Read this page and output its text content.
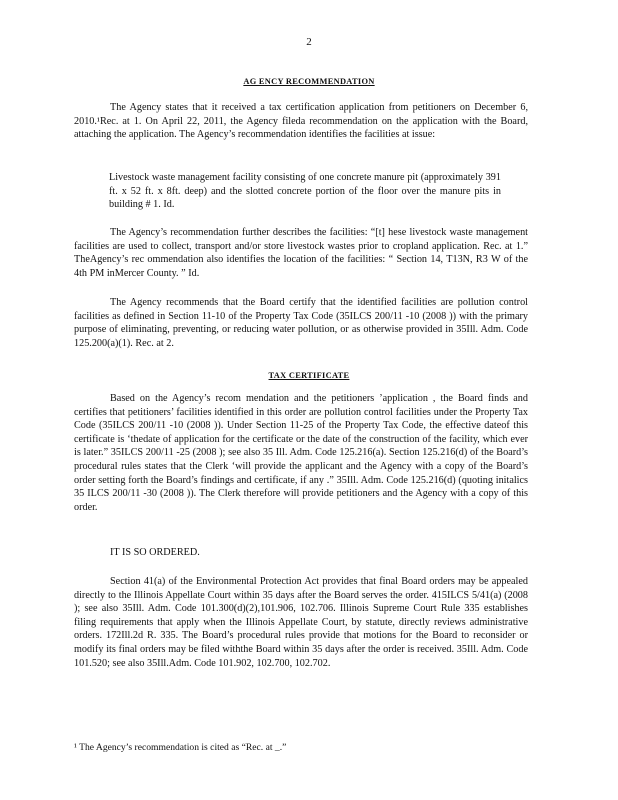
2
AG ENCY RECOMMENDATION

The Agency states that it received a tax certification application from petitioners on December 6, 2010.¹Rec. at 1. On April 22, 2011, the Agency fileda recommendation on the application with the Board, attaching the application. The Agency’s recommendation identifies the facilities at issue:

Livestock waste management facility consisting of one concrete manure pit (approximately 391 ft. x 52 ft. x 8ft. deep) and the slotted concrete portion of the floor over the manure pits in building # 1. Id.

The Agency’s recommendation further describes the facilities: “[t] hese livestock waste management facilities are used to collect, transport and/or store livestock wastes prior to cropland application. Rec. at 1.” TheAgency’s rec ommendation also identifies the location of the facilities: “ Section 14, T13N, R3 W of the 4th PM inMercer County. ” Id.

The Agency recommends that the Board certify that the identified facilities are pollution control facilities as defined in Section 11-10 of the Property Tax Code (35ILCS 200/11 -10 (2008 )) with the primary purpose of eliminating, preventing, or reducing water pollution, or as otherwise provided in 35Ill. Adm. Code 125.200(a)(1). Rec. at 2.

TAX CERTIFICATE

Based on the Agency’s recom mendation and the petitioners ’application , the Board finds and certifies that petitioners’ facilities identified in this order are pollution control facilities under the Property Tax Code (35ILCS 200/11 -10 (2008 )). Under Section 11-25 of the Property Tax Code, the effective dateof this certificate is ‘thedate of application for the certificate or the date of the construction of the facility, which ever is later.” 35ILCS 200/11 -25 (2008 ); see also 35 Ill. Adm. Code 125.216(a). Section 125.216(d) of the Board’s procedural rules states that the Clerk ‘will provide the applicant and the Agency with a copy of the Board’s order setting forth the Board’s findings and certificate, if any .” 35Ill. Adm. Code 125.216(d) (quoting initalics 35 ILCS 200/11 -30 (2008 )). The Clerk therefore will provide petitioners and the Agency with a copy of this order.

IT IS SO ORDERED.

Section 41(a) of the Environmental Protection Act provides that final Board orders may be appealed directly to the Illinois Appellate Court within 35 days after the Board serves the order. 415ILCS 5/41(a) (2008 ); see also 35Ill. Adm. Code 101.300(d)(2),101.906, 102.706. Illinois Supreme Court Rule 335 establishes filing requirements that apply when the Illinois Appellate Court, by statute, directly reviews administrative orders. 172Ill.2d R. 335. The Board’s procedural rules provide that motions for the Board to reconsider or modify its final orders may be filed withthe Board within 35 days after the order is received. 35Ill. Adm. Code 101.520; see also 35Ill.Adm. Code 101.902, 102.700, 102.702.

¹ The Agency’s recommendation is cited as “Rec. at _.”
